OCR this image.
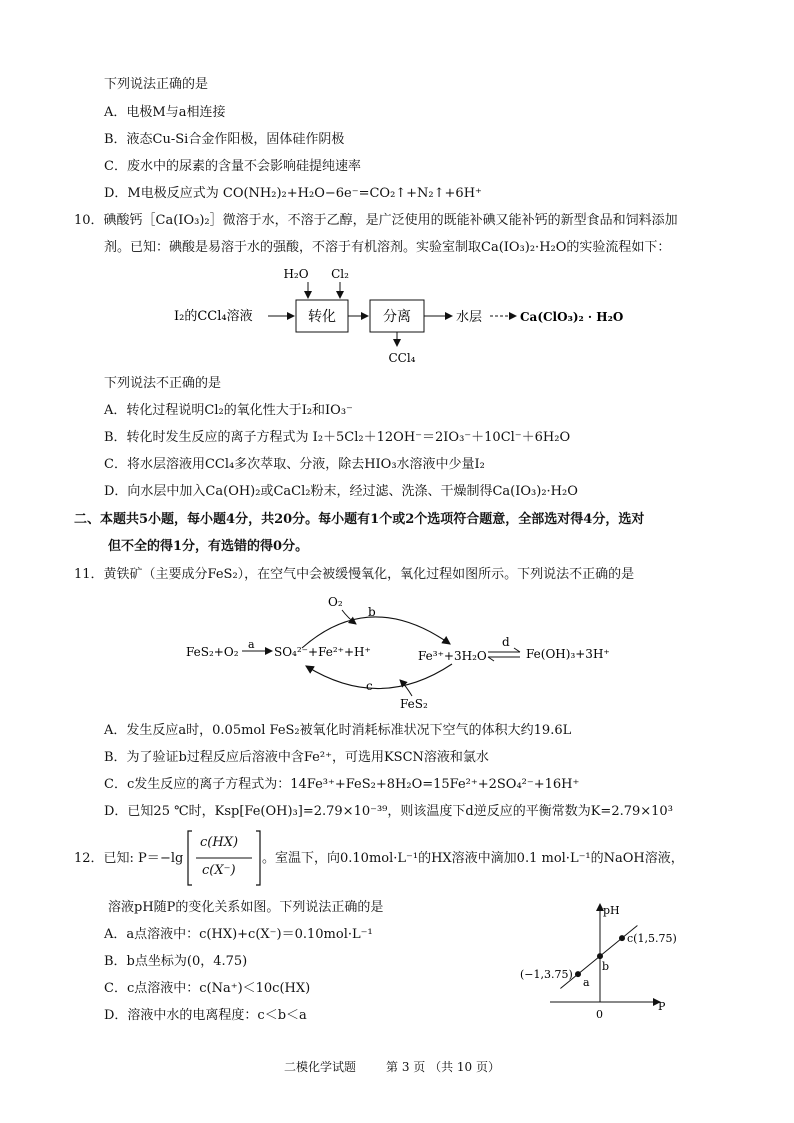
下列说法正确的是
A．电极M与a相连接
B．液态Cu-Si合金作阳极，固体硅作阴极
C．废水中的尿素的含量不会影响硅提纯速率
D．M电极反应式为 CO(NH₂)₂+H₂O−6e⁻=CO₂↑+N₂↑+6H⁺
10．碘酸钙［Ca(IO₃)₂］微溶于水，不溶于乙醇，是广泛使用的既能补碘又能补钙的新型食品和饲料添加
剂。已知：碘酸是易溶于水的强酸，不溶于有机溶剂。实验室制取Ca(IO₃)₂·H₂O的实验流程如下：
H₂O Cl₂
I₂的CCl₄溶液	转化	分离
CCl₄
水层	Ca(ClO₃)₂ · H₂O
下列说法不正确的是
A．转化过程说明Cl₂的氧化性大于I₂和IO₃⁻
B．转化时发生反应的离子方程式为 I₂＋5Cl₂＋12OH⁻＝2IO₃⁻＋10Cl⁻＋6H₂O
C．将水层溶液用CCl₄多次萃取、分液，除去HIO₃水溶液中少量I₂
D．向水层中加入Ca(OH)₂或CaCl₂粉末，经过滤、洗涤、干燥制得Ca(IO₃)₂·H₂O
二、本题共5小题，每小题4分，共20分。每小题有1个或2个选项符合题意，全部选对得4分，选对
但不全的得1分，有选错的得0分。
11．黄铁矿（主要成分FeS₂），在空气中会被缓慢氧化，氧化过程如图所示。下列说法不正确的是
O₂
b
FeS₂+O₂
a
SO₄²⁻+Fe²⁺+H⁺	Fe³⁺+3H₂O
d
Fe(OH)₃+3H⁺
c
FeS₂
A．发生反应a时，0.05mol FeS₂被氧化时消耗标准状况下空气的体积大约19.6L
B．为了验证b过程反应后溶液中含Fe²⁺，可选用KSCN溶液和氯水
C．c发生反应的离子方程式为：14Fe³⁺+FeS₂+8H₂O=15Fe²⁺+2SO₄²⁻+16H⁺
D．已知25 ℃时，Ksp[Fe(OH)₃]=2.79×10⁻³⁹，则该温度下d逆反应的平衡常数为K=2.79×10³
12．已知: P＝ −lg
c(HX)
c(X⁻)
。室温下，向0.10mol·L⁻¹的HX溶液中滴加0.1 mol·L⁻¹的NaOH溶液，
溶液pH随P的变化关系如图。下列说法正确的是
A．a点溶液中：c(HX)+c(X⁻)＝0.10mol·L⁻¹
B．b点坐标为(0，4.75)
C．c点溶液中：c(Na⁺)＜10c(HX)
D．溶液中水的电离程度：c＜b＜a
pH
P
0
a
(−1,3.75)
b
c(1,5.75)
二模化学试题 第 3 页 （共 10 页）
